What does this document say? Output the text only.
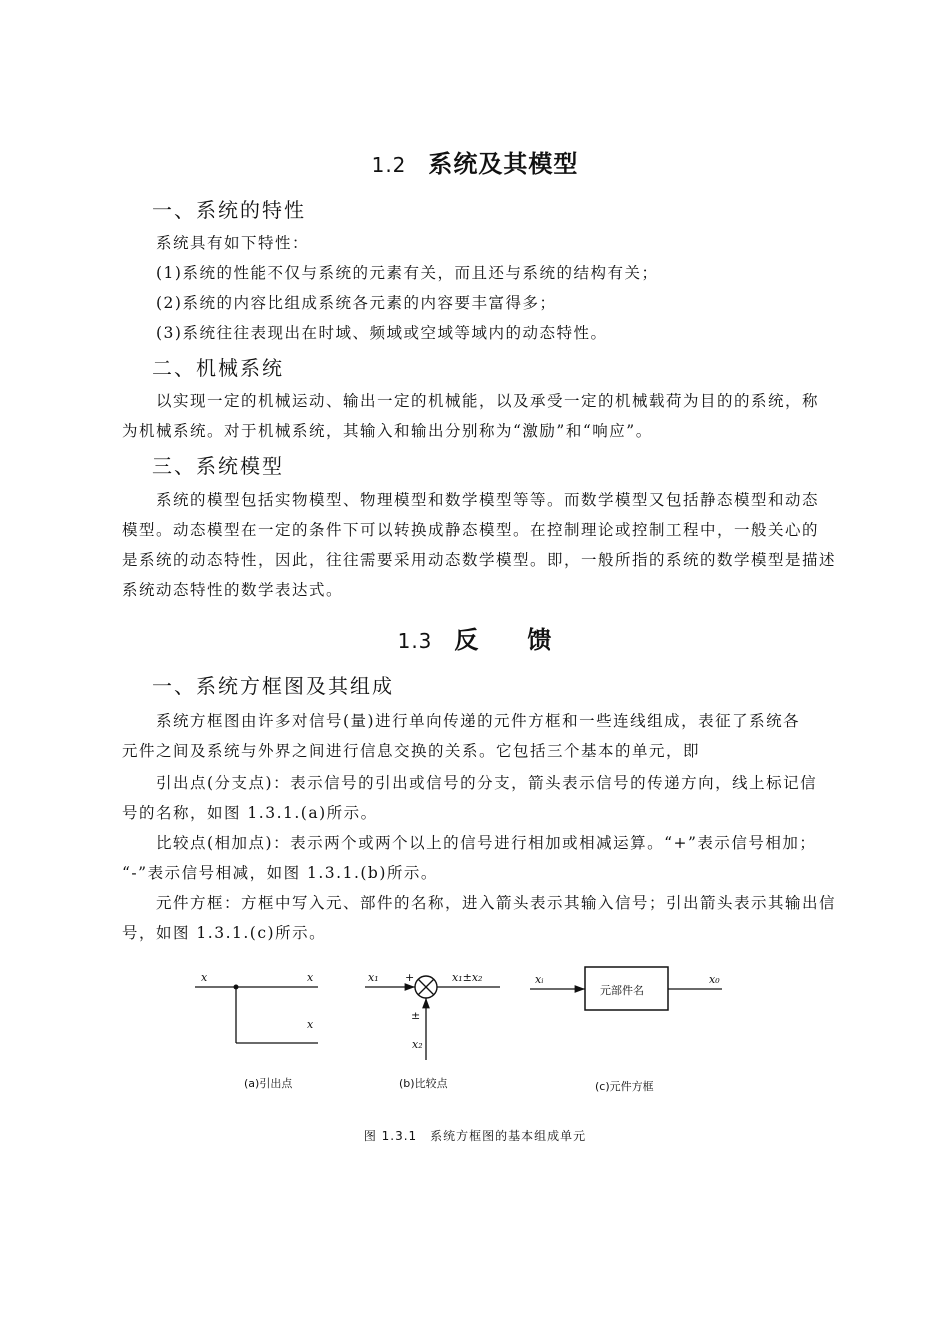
1.2 系统及其模型
一、系统的特性
系统具有如下特性：
(1)系统的性能不仅与系统的元素有关，而且还与系统的结构有关；
(2)系统的内容比组成系统各元素的内容要丰富得多；
(3)系统往往表现出在时域、频域或空域等域内的动态特性。
二、机械系统
以实现一定的机械运动、输出一定的机械能，以及承受一定的机械载荷为目的的系统，称
为机械系统。对于机械系统，其输入和输出分别称为“激励”和“响应”。
三、系统模型
系统的模型包括实物模型、物理模型和数学模型等等。而数学模型又包括静态模型和动态
模型。动态模型在一定的条件下可以转换成静态模型。在控制理论或控制工程中，一般关心的
是系统的动态特性，因此，往往需要采用动态数学模型。即，一般所指的系统的数学模型是描述
系统动态特性的数学表达式。
1.3 反 馈
一、系统方框图及其组成
系统方框图由许多对信号(量)进行单向传递的元件方框和一些连线组成，表征了系统各
元件之间及系统与外界之间进行信息交换的关系。它包括三个基本的单元，即
引出点(分支点)：表示信号的引出或信号的分支，箭头表示信号的传递方向，线上标记信
号的名称，如图 1.3.1.(a)所示。
比较点(相加点)：表示两个或两个以上的信号进行相加或相减运算。“+”表示信号相加；
“-”表示信号相减，如图 1.3.1.(b)所示。
元件方框：方框中写入元、部件的名称，进入箭头表示其输入信号；引出箭头表示其输出信
号，如图 1.3.1.(c)所示。
x	x
x
(a)引出点
x₁ +	x₁±x₂
±
x₂
(b)比较点
xᵢ
元部件名
x₀
(c)元件方框
图 1.3.1　系统方框图的基本组成单元
